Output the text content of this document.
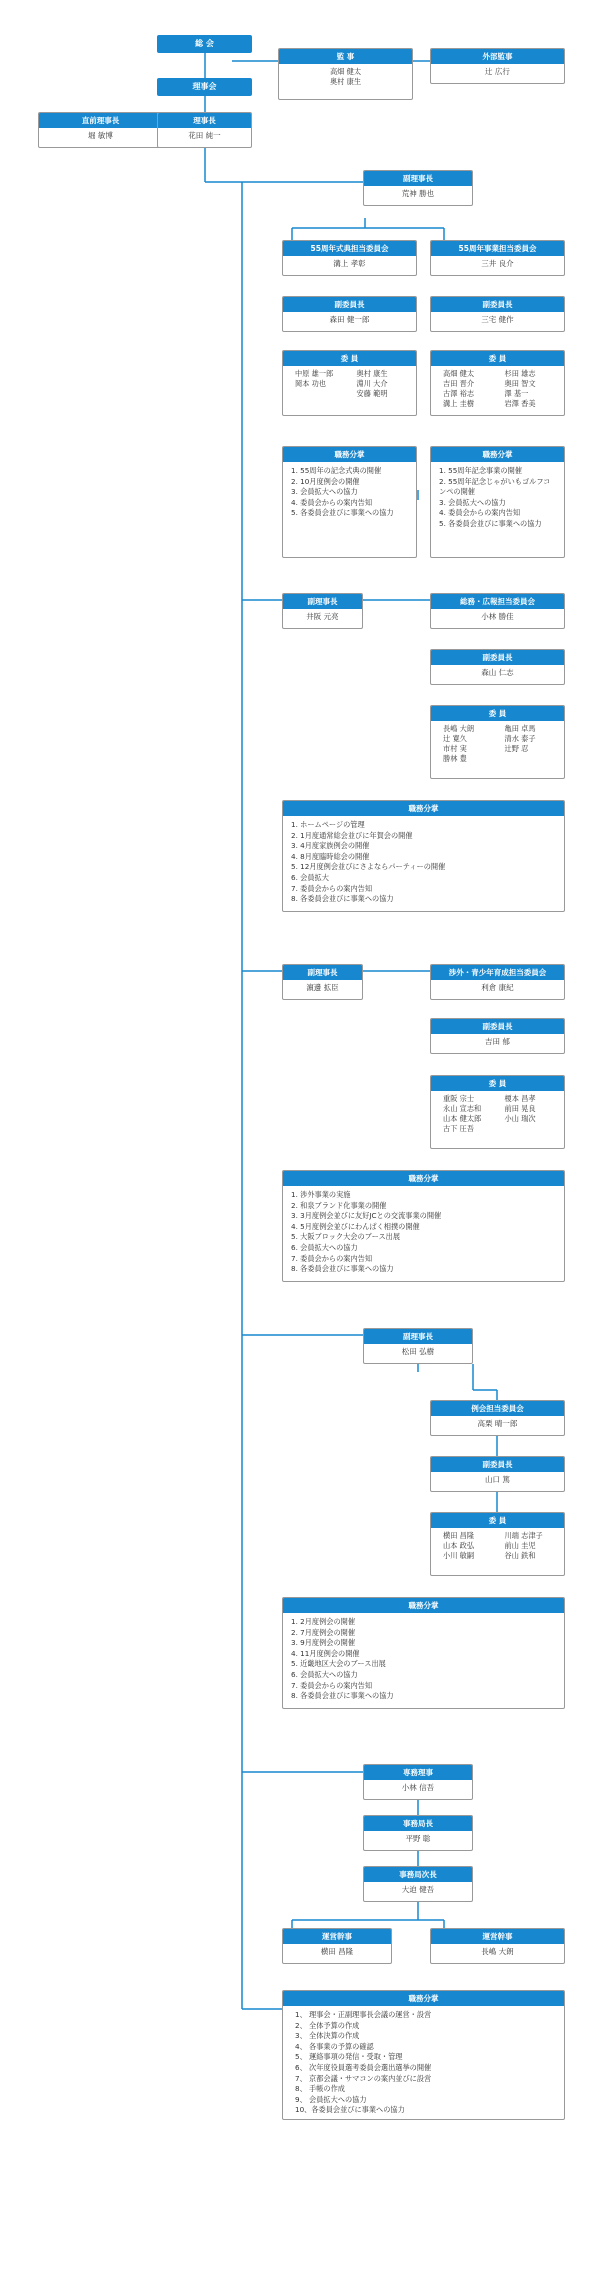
総 会
理事会
監 事
高畑 健太
奥村 康生
外部監事
辻 広行
直前理事長
堀 敏博
理事長
花田 純一
副理事長
荒神 勝也
55周年式典担当委員会
溝上 孝彰
55周年事業担当委員会
三井 良介
副委員長
森田 健一郎
副委員長
三宅 健作
委 員
中原 雄一郎	奥村 康生
岡本 功也	淵川 大介
安藤 範明
委 員
高畑 健太	杉田 雄志
吉田 晋介	奥田 智文
古澤 裕志	澤 基一
溝上 圭樹	岩澤 香美
職務分掌
1. 55周年の記念式典の開催
2. 10月度例会の開催
3. 会員拡大への協力
4. 委員会からの案内告知
5. 各委員会並びに事業への協力
職務分掌
1. 55周年記念事業の開催
2. 55周年記念じゃがいもゴルフコンペの開催
3. 会員拡大への協力
4. 委員会からの案内告知
5. 各委員会並びに事業への協力
副理事長
井阪 元亮
総務・広報担当委員会
小林 勝佳
副委員長
森山 仁志
委 員
長嶋 大朗	亀田 卓馬
辻 寛久	清水 泰子
市村 実	辻野 忍
勝林 豊
職務分掌
1. ホームページの管理
2. 1月度通常総会並びに年賀会の開催
3. 4月度家族例会の開催
4. 8月度臨時総会の開催
5. 12月度例会並びにさよならパーティーの開催
6. 会員拡大
7. 委員会からの案内告知
8. 各委員会並びに事業への協力
副理事長
濵邊 拡臣
渉外・青少年育成担当委員会
利倉 康紀
副委員長
吉田 郁
委 員
重阪 宗士	榎本 昌孝
永山 宣志和	前田 晃良
山本 健太郎	小山 瑞次
古下 圧吾
職務分掌
1. 渉外事業の実施
2. 和泉ブランド化事業の開催
3. 3月度例会並びに友好JCとの交流事業の開催
4. 5月度例会並びにわんぱく相撲の開催
5. 大阪ブロック大会のブース出展
6. 会員拡大への協力
7. 委員会からの案内告知
8. 各委員会並びに事業への協力
副理事長
松田 弘樹
例会担当委員会
高栗 晴一郎
副委員長
山口 篤
委 員
横田 昌隆	川端 志津子
山本 政弘	前山 圭児
小川 敏嗣	谷山 鉄和
職務分掌
1. 2月度例会の開催
2. 7月度例会の開催
3. 9月度例会の開催
4. 11月度例会の開催
5. 近畿地区大会のブース出展
6. 会員拡大への協力
7. 委員会からの案内告知
8. 各委員会並びに事業への協力
専務理事
小林 信吾
事務局長
平野 聡
事務局次長
大迫 健吾
運営幹事
横田 昌隆
運営幹事
長嶋 大朗
職務分掌
1、 理事会・正副理事長会議の運営・設営
2、 全体予算の作成
3、 全体決算の作成
4、 各事業の予算の確認
5、 運絡事項の発信・受取・管理
6、 次年度役員選考委員会選出選挙の開催
7、 京都会議・サマコンの案内並びに設営
8、 手帳の作成
9、 会員拡大への協力
10、各委員会並びに事業への協力
